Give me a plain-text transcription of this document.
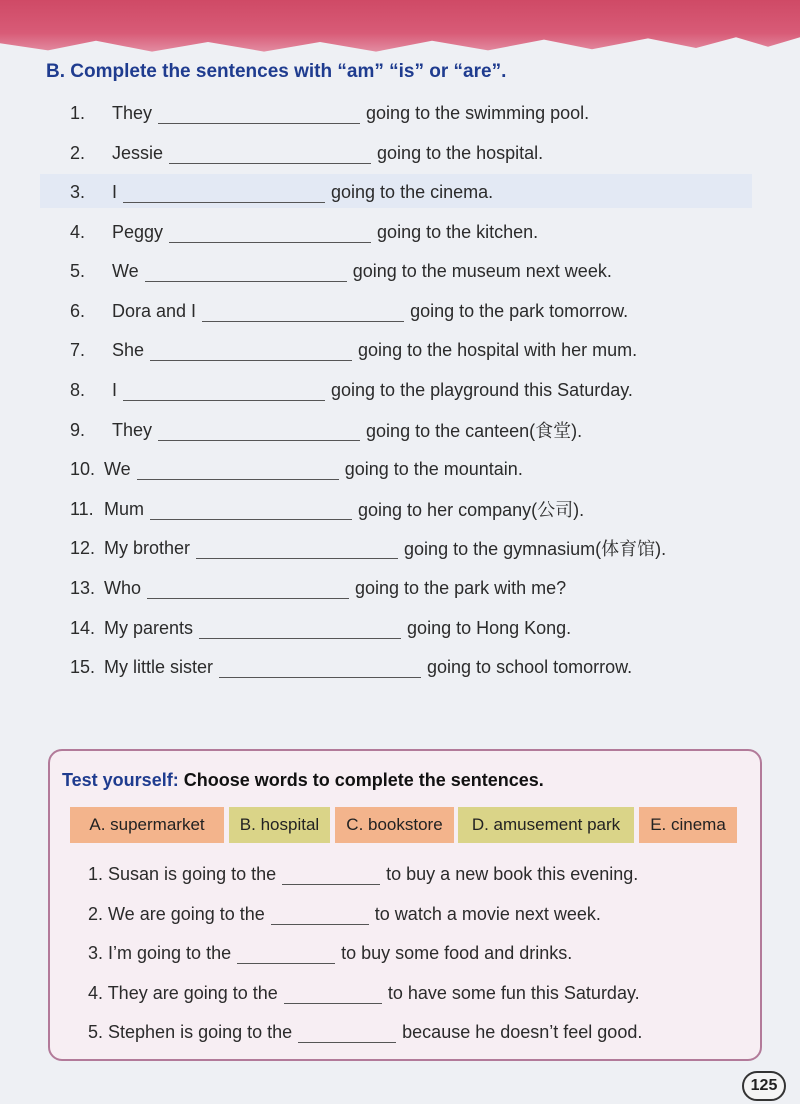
B. Complete the sentences with “am” “is” or “are”.
1.	They	going to the swimming pool.
2.	Jessie	going to the hospital.
3.	I	going to the cinema.
4.	Peggy	going to the kitchen.
5.	We	going to the museum next week.
6.	Dora and I	going to the park tomorrow.
7.	She	going to the hospital with her mum.
8.	I	going to the playground this Saturday.
9.	They	going to the canteen(食堂).
10. We	going to the mountain.
11. Mum	going to her company(公司).
12. My brother	going to the gymnasium(体育馆).
13. Who	going to the park with me?
14. My parents	going to Hong Kong.
15. My little sister	going to school tomorrow.

Test yourself: Choose words to complete the sentences.

A. supermarket	B. hospital	C. bookstore	D. amusement park	E. cinema
1. Susan is going to the	to buy a new book this evening.
2. We are going to the	to watch a movie next week.
3. I’m going to the	to buy some food and drinks.
4. They are going to the	to have some fun this Saturday.
5. Stephen is going to the	because he doesn’t feel good.
125
